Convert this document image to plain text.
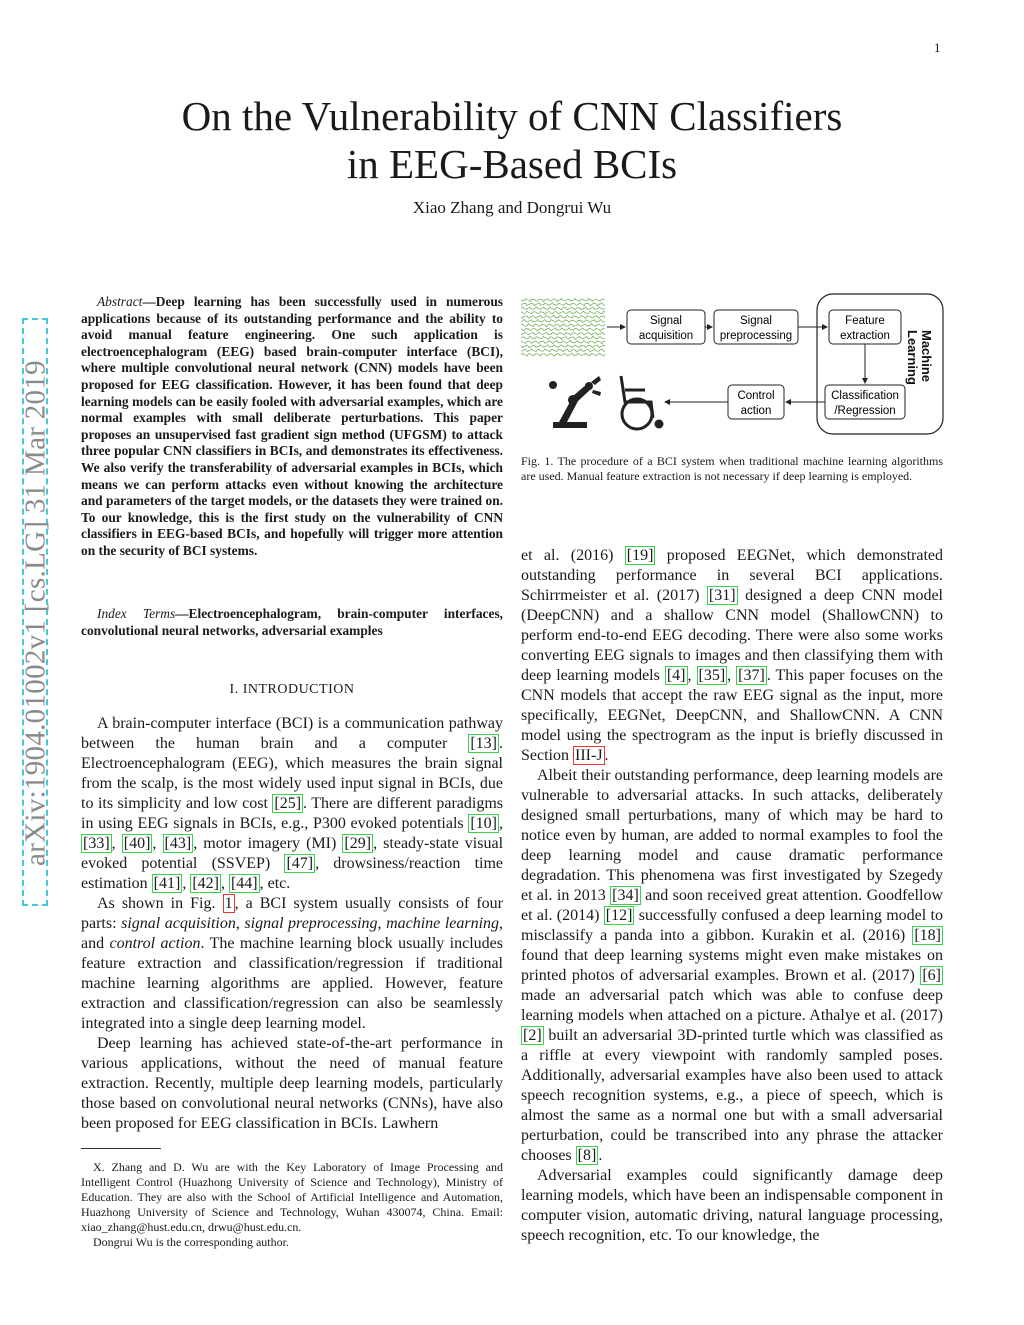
1
arXiv:1904.01002v1 [cs.LG] 31 Mar 2019
On the Vulnerability of CNN Classifiers
in EEG-Based BCIs
Xiao Zhang and Dongrui Wu
Abstract—Deep learning has been successfully used in numerous applications because of its outstanding performance and the ability to avoid manual feature engineering. One such application is electroencephalogram (EEG) based brain-computer interface (BCI), where multiple convolutional neural network (CNN) models have been proposed for EEG classification. However, it has been found that deep learning models can be easily fooled with adversarial examples, which are normal examples with small deliberate perturbations. This paper proposes an unsupervised fast gradient sign method (UFGSM) to attack three popular CNN classifiers in BCIs, and demonstrates its effectiveness. We also verify the transferability of adversarial examples in BCIs, which means we can perform attacks even without knowing the architecture and parameters of the target models, or the datasets they were trained on. To our knowledge, this is the first study on the vulnerability of CNN classifiers in EEG-based BCIs, and hopefully will trigger more attention on the security of BCI systems.
Index Terms—Electroencephalogram, brain-computer interfaces, convolutional neural networks, adversarial examples
I. INTRODUCTION

A brain-computer interface (BCI) is a communication pathway between the human brain and a computer [13] . Electroencephalogram (EEG), which measures the brain signal from the scalp, is the most widely used input signal in BCIs, due to its simplicity and low cost [25] . There are different paradigms in using EEG signals in BCIs, e.g., P300 evoked potentials [10] , [33] , [40] , [43] , motor imagery (MI) [29] , steady-state visual evoked potential (SSVEP) [47] , drowsiness/reaction time estimation [41] , [42] , [44] , etc.

As shown in Fig. 1 , a BCI system usually consists of four parts: signal acquisition, signal preprocessing, machine learning, and control action. The machine learning block usually includes feature extraction and classification/regression if traditional machine learning algorithms are applied. However, feature extraction and classification/regression can also be seamlessly integrated into a single deep learning model.

Deep learning has achieved state-of-the-art performance in various applications, without the need of manual feature extraction. Recently, multiple deep learning models, particularly those based on convolutional neural networks (CNNs), have also been proposed for EEG classification in BCIs. Lawhern

X. Zhang and D. Wu are with the Key Laboratory of Image Processing and Intelligent Control (Huazhong University of Science and Technology), Ministry of Education. They are also with the School of Artificial Intelligence and Automation, Huazhong University of Science and Technology, Wuhan 430074, China. Email: xiao_zhang@hust.edu.cn, drwu@hust.edu.cn.

Dongrui Wu is the corresponding author.

Machine Learning
Signal
acquisition
Signal
preprocessing
Feature
extraction
Classification
/Regression
Control
action
Fig. 1. The procedure of a BCI system when traditional machine learning algorithms are used. Manual feature extraction is not necessary if deep learning is employed.

et al. (2016) [19] proposed EEGNet, which demonstrated outstanding performance in several BCI applications. Schirrmeister et al. (2017) [31] designed a deep CNN model (DeepCNN) and a shallow CNN model (ShallowCNN) to perform end-to-end EEG decoding. There were also some works converting EEG signals to images and then classifying them with deep learning models [4] , [35] , [37] . This paper focuses on the CNN models that accept the raw EEG signal as the input, more specifically, EEGNet, DeepCNN, and ShallowCNN. A CNN model using the spectrogram as the input is briefly discussed in Section III-J .

Albeit their outstanding performance, deep learning models are vulnerable to adversarial attacks. In such attacks, deliberately designed small perturbations, many of which may be hard to notice even by human, are added to normal examples to fool the deep learning model and cause dramatic performance degradation. This phenomena was first investigated by Szegedy et al. in 2013 [34] and soon received great attention. Goodfellow et al. (2014) [12] successfully confused a deep learning model to misclassify a panda into a gibbon. Kurakin et al. (2016) [18] found that deep learning systems might even make mistakes on printed photos of adversarial examples. Brown et al. (2017) [6] made an adversarial patch which was able to confuse deep learning models when attached on a picture. Athalye et al. (2017) [2] built an adversarial 3D-printed turtle which was classified as a riffle at every viewpoint with randomly sampled poses. Additionally, adversarial examples have also been used to attack speech recognition systems, e.g., a piece of speech, which is almost the same as a normal one but with a small adversarial perturbation, could be transcribed into any phrase the attacker chooses [8] .

Adversarial examples could significantly damage deep learning models, which have been an indispensable component in computer vision, automatic driving, natural language processing, speech recognition, etc. To our knowledge, the
